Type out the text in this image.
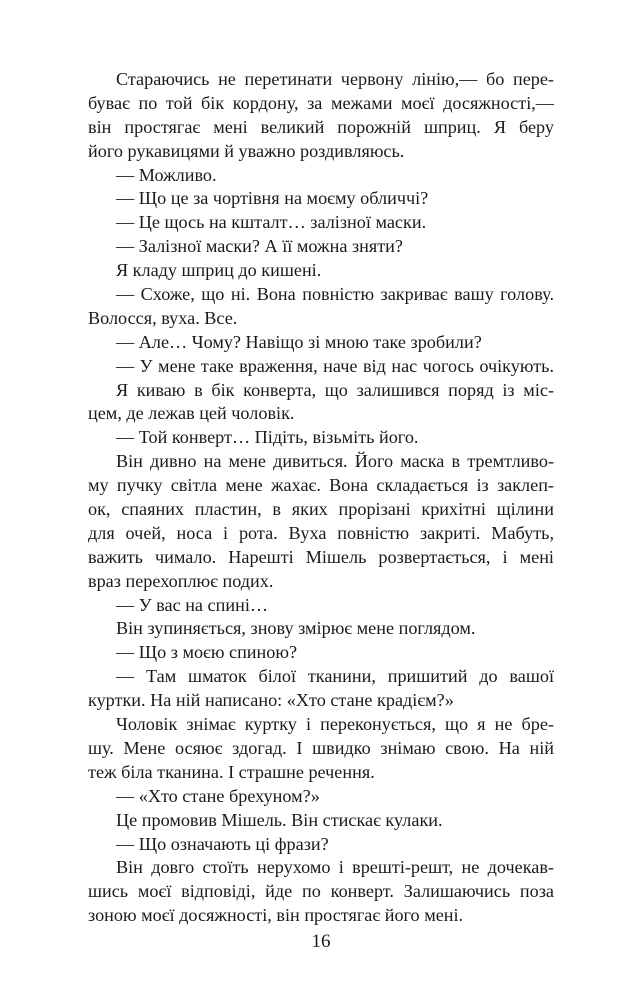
Стараючись не перетинати червону лінію,— бо пере-
буває по той бік кордону, за межами моєї досяжності,—
він простягає мені великий порожній шприц. Я беру
його рукавицями й уважно роздивляюсь.
— Можливо.
— Що це за чортівня на моєму обличчі?
— Це щось на кшталт… залізної маски.
— Залізної маски? А її можна зняти?
Я кладу шприц до кишені.
— Схоже, що ні. Вона повністю закриває вашу голову.
Волосся, вуха. Все.
— Але… Чому? Навіщо зі мною таке зробили?
— У мене таке враження, наче від нас чогось очікують.
Я киваю в бік конверта, що залишився поряд із міс-
цем, де лежав цей чоловік.
— Той конверт… Підіть, візьміть його.
Він дивно на мене дивиться. Його маска в тремтливо-
му пучку світла мене жахає. Вона складається із заклеп-
ок, спаяних пластин, в яких прорізані крихітні щілини
для очей, носа і рота. Вуха повністю закриті. Мабуть,
важить чимало. Нарешті Мішель розвертається, і мені
враз перехоплює подих.
— У вас на спині…
Він зупиняється, знову змірює мене поглядом.
— Що з моєю спиною?
— Там шматок білої тканини, пришитий до вашої
куртки. На ній написано: «Хто стане крадієм?»
Чоловік знімає куртку і переконується, що я не бре-
шу. Мене осяює здогад. І швидко знімаю свою. На ній
теж біла тканина. І страшне речення.
— «Хто стане брехуном?»
Це промовив Мішель. Він стискає кулаки.
— Що означають ці фрази?
Він довго стоїть нерухомо і врешті-решт, не дочекав-
шись моєї відповіді, йде по конверт. Залишаючись поза
зоною моєї досяжності, він простягає його мені.
16
